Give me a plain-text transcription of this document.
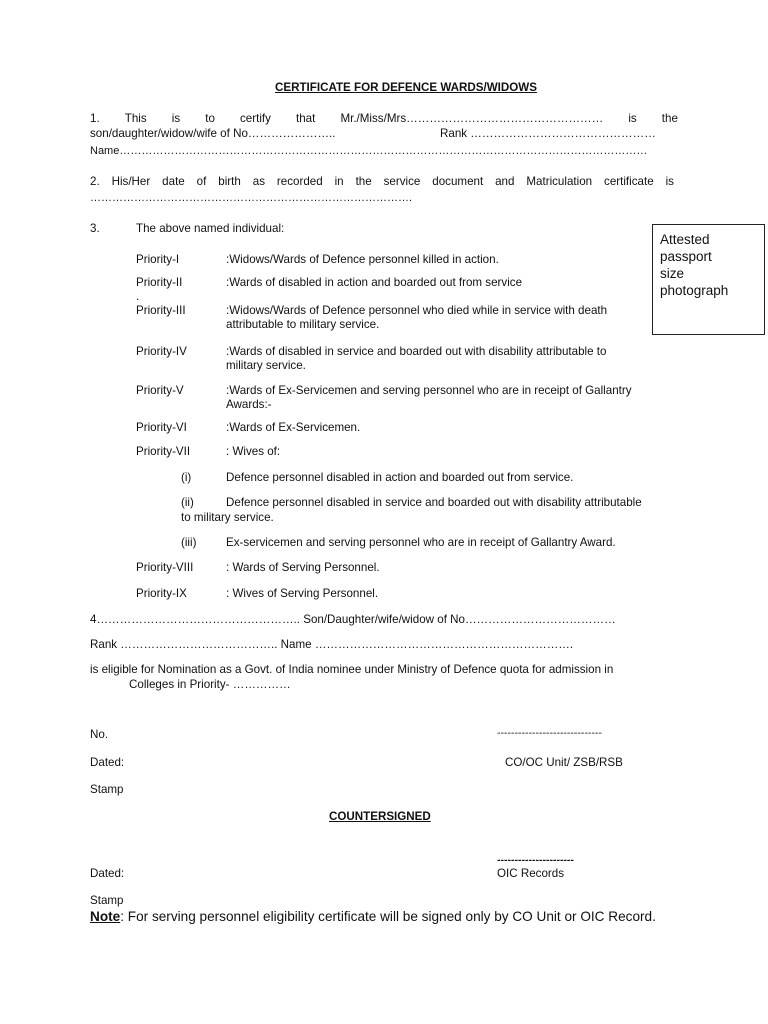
CERTIFICATE FOR DEFENCE WARDS/WIDOWS
1. This is to certify that Mr./Miss/Mrs…………………………………………… is the
son/daughter/widow/wife of No…………………..	Rank …………………………………………
Name………………………………………………………………………………………………………………………………
2. His/Her date of birth as recorded in the service document and Matriculation certificate is
…………………………………………………………………………….
3.	The above named individual:
Attested
passport
size
photograph
Priority-I	:Widows/Wards of Defence personnel killed in action.
Priority-II	:Wards of disabled in action and boarded out from service
.
Priority-III	:Widows/Wards of Defence personnel who died while in service with death
attributable to military service.
Priority-IV	:Wards of disabled in service and boarded out with disability attributable to
military service.
Priority-V	:Wards of Ex-Servicemen and serving personnel who are in receipt of Gallantry
Awards:-
Priority-VI	:Wards of Ex-Servicemen.
Priority-VII	: Wives of:
(i)	Defence personnel disabled in action and boarded out from service.
(ii)	Defence personnel disabled in service and boarded out with disability attributable
to military service.
(iii)	Ex-servicemen and serving personnel who are in receipt of Gallantry Award.
Priority-VIII	: Wards of Serving Personnel.
Priority-IX	: Wives of Serving Personnel.
4…………………………………………….. Son/Daughter/wife/widow of No…………………………………
Rank ………………………………….. Name ………………………………………………………….
is eligible for Nomination as a Govt. of India nominee under Ministry of Defence quota for admission in
Colleges in Priority- ……………
No.	------------------------------
Dated:	CO/OC Unit/ ZSB/RSB
Stamp
COUNTERSIGNED
----------------------
Dated:	OIC Records
Stamp
Note: For serving personnel eligibility certificate will be signed only by CO Unit or OIC Record.
